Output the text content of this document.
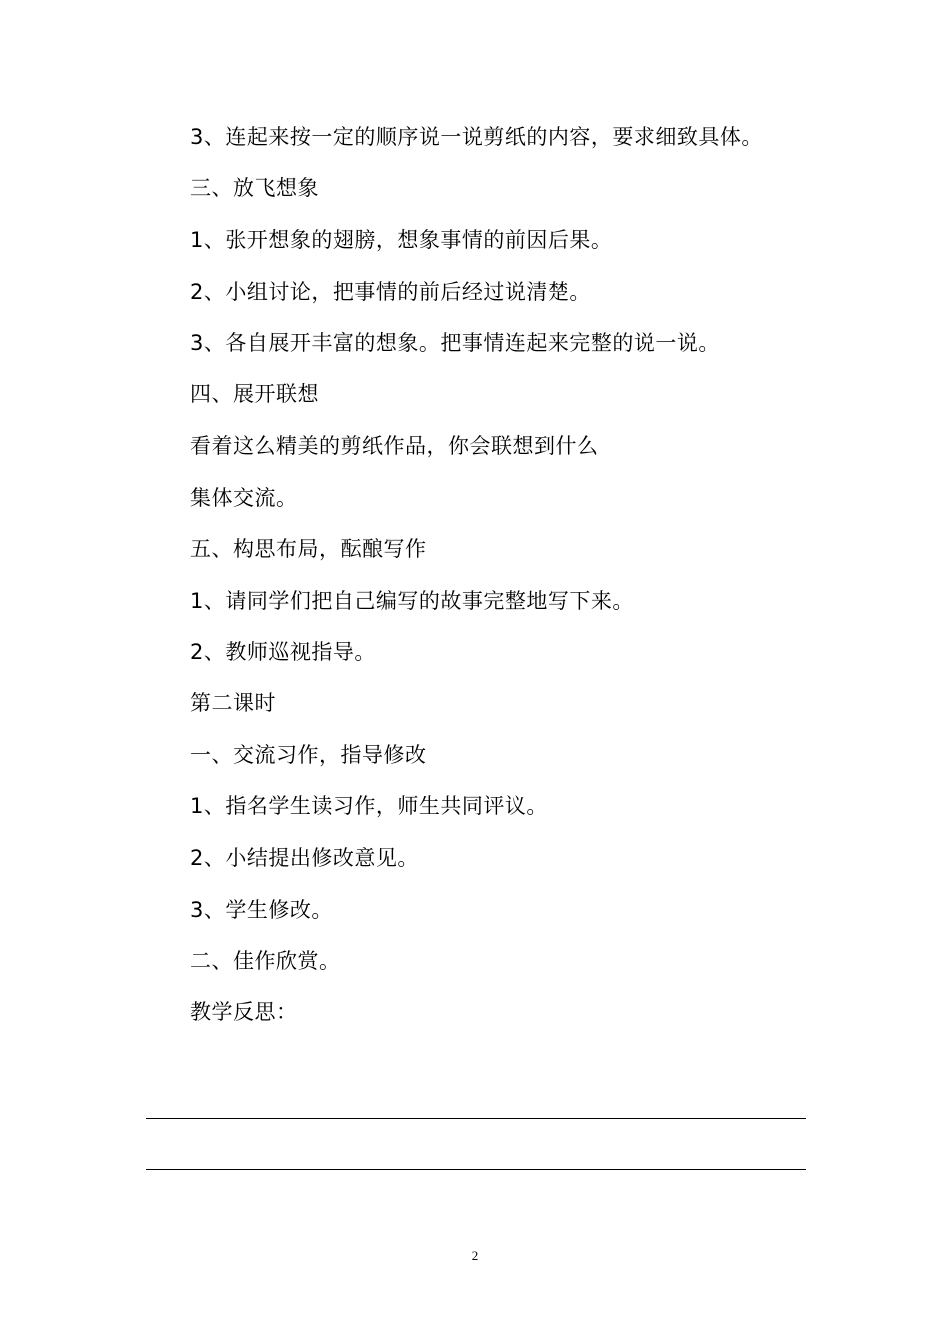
3、连起来按一定的顺序说一说剪纸的内容，要求细致具体。
三、放飞想象
1、张开想象的翅膀，想象事情的前因后果。
2、小组讨论，把事情的前后经过说清楚。
3、各自展开丰富的想象。把事情连起来完整的说一说。
四、展开联想
看着这么精美的剪纸作品，你会联想到什么
集体交流。
五、构思布局，酝酿写作
1、请同学们把自己编写的故事完整地写下来。
2、教师巡视指导。
第二课时
一、交流习作，指导修改
1、指名学生读习作，师生共同评议。
2、小结提出修改意见。
3、学生修改。
二、佳作欣赏。
教学反思：
2
